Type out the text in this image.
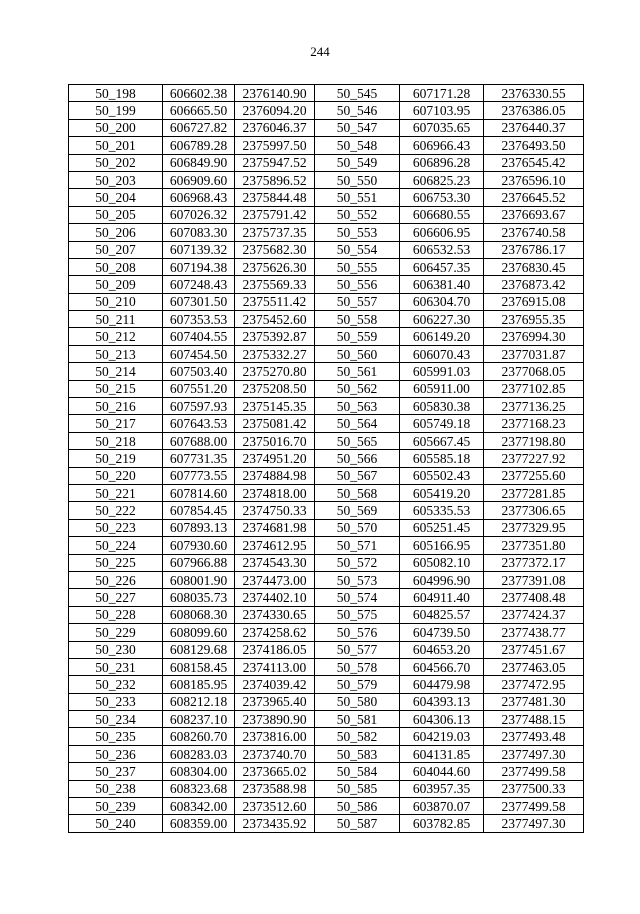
244
50_198	606602.38	2376140.90	50_545	607171.28	2376330.55
50_199	606665.50	2376094.20	50_546	607103.95	2376386.05
50_200	606727.82	2376046.37	50_547	607035.65	2376440.37
50_201	606789.28	2375997.50	50_548	606966.43	2376493.50
50_202	606849.90	2375947.52	50_549	606896.28	2376545.42
50_203	606909.60	2375896.52	50_550	606825.23	2376596.10
50_204	606968.43	2375844.48	50_551	606753.30	2376645.52
50_205	607026.32	2375791.42	50_552	606680.55	2376693.67
50_206	607083.30	2375737.35	50_553	606606.95	2376740.58
50_207	607139.32	2375682.30	50_554	606532.53	2376786.17
50_208	607194.38	2375626.30	50_555	606457.35	2376830.45
50_209	607248.43	2375569.33	50_556	606381.40	2376873.42
50_210	607301.50	2375511.42	50_557	606304.70	2376915.08
50_211	607353.53	2375452.60	50_558	606227.30	2376955.35
50_212	607404.55	2375392.87	50_559	606149.20	2376994.30
50_213	607454.50	2375332.27	50_560	606070.43	2377031.87
50_214	607503.40	2375270.80	50_561	605991.03	2377068.05
50_215	607551.20	2375208.50	50_562	605911.00	2377102.85
50_216	607597.93	2375145.35	50_563	605830.38	2377136.25
50_217	607643.53	2375081.42	50_564	605749.18	2377168.23
50_218	607688.00	2375016.70	50_565	605667.45	2377198.80
50_219	607731.35	2374951.20	50_566	605585.18	2377227.92
50_220	607773.55	2374884.98	50_567	605502.43	2377255.60
50_221	607814.60	2374818.00	50_568	605419.20	2377281.85
50_222	607854.45	2374750.33	50_569	605335.53	2377306.65
50_223	607893.13	2374681.98	50_570	605251.45	2377329.95
50_224	607930.60	2374612.95	50_571	605166.95	2377351.80
50_225	607966.88	2374543.30	50_572	605082.10	2377372.17
50_226	608001.90	2374473.00	50_573	604996.90	2377391.08
50_227	608035.73	2374402.10	50_574	604911.40	2377408.48
50_228	608068.30	2374330.65	50_575	604825.57	2377424.37
50_229	608099.60	2374258.62	50_576	604739.50	2377438.77
50_230	608129.68	2374186.05	50_577	604653.20	2377451.67
50_231	608158.45	2374113.00	50_578	604566.70	2377463.05
50_232	608185.95	2374039.42	50_579	604479.98	2377472.95
50_233	608212.18	2373965.40	50_580	604393.13	2377481.30
50_234	608237.10	2373890.90	50_581	604306.13	2377488.15
50_235	608260.70	2373816.00	50_582	604219.03	2377493.48
50_236	608283.03	2373740.70	50_583	604131.85	2377497.30
50_237	608304.00	2373665.02	50_584	604044.60	2377499.58
50_238	608323.68	2373588.98	50_585	603957.35	2377500.33
50_239	608342.00	2373512.60	50_586	603870.07	2377499.58
50_240	608359.00	2373435.92	50_587	603782.85	2377497.30
